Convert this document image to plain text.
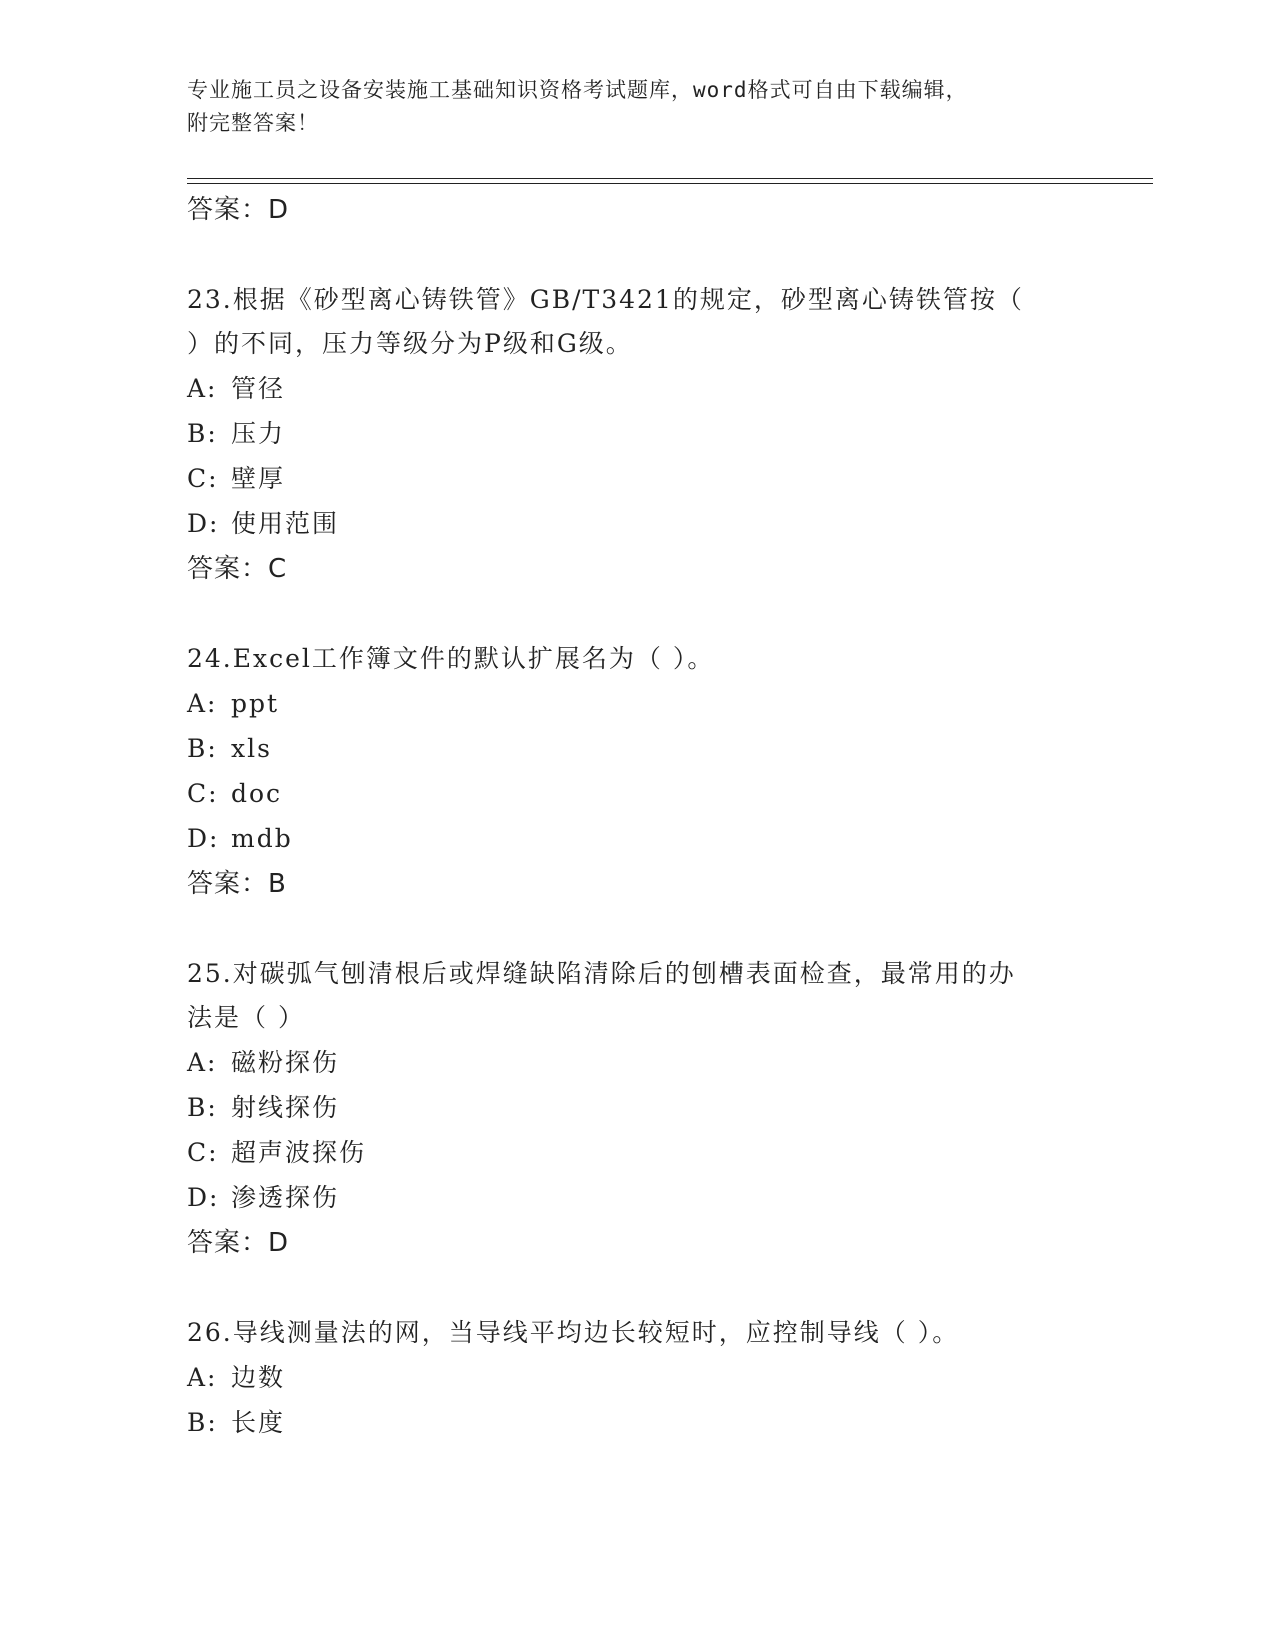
专业施工员之设备安装施工基础知识资格考试题库，word格式可自由下载编辑，
附完整答案！
答案：D
23.根据《砂型离心铸铁管》GB/T3421的规定，砂型离心铸铁管按（
）的不同，压力等级分为P级和G级。
A: 管径
B: 压力
C: 壁厚
D: 使用范围
答案：C
24.Excel工作簿文件的默认扩展名为（ ）。
A: ppt
B: xls
C: doc
D: mdb
答案：B
25.对碳弧气刨清根后或焊缝缺陷清除后的刨槽表面检查，最常用的办
法是（ ）
A: 磁粉探伤
B: 射线探伤
C: 超声波探伤
D: 渗透探伤
答案：D
26.导线测量法的网，当导线平均边长较短时，应控制导线（ ）。
A: 边数
B: 长度
